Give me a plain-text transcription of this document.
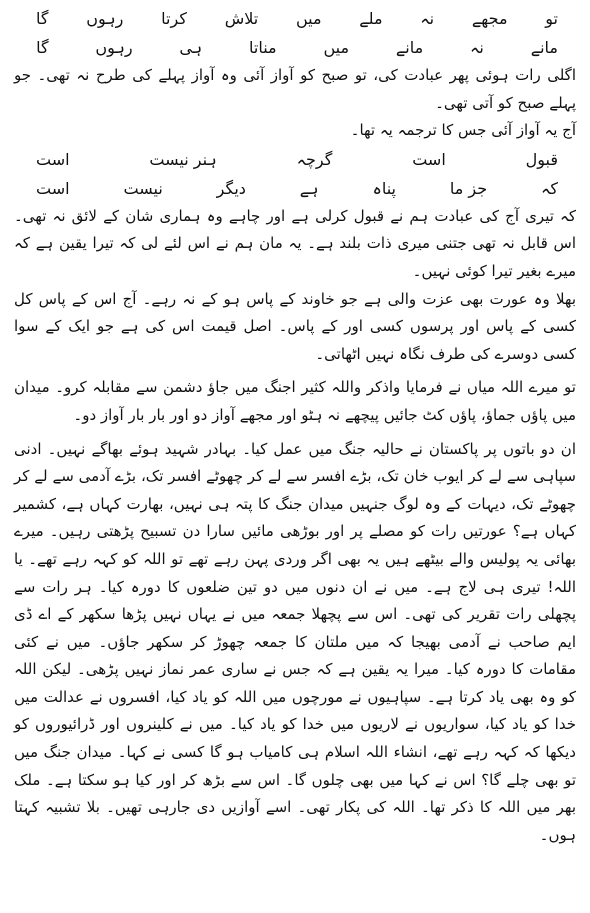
تو
مجھے
نہ
ملے
میں
تلاش
کرتا
رہوں
گا
مانے
نہ
مانے
میں
مناتا
ہی
رہوں
گا

اگلی رات ہوئی پھر عبادت کی، تو صبح کو آواز آئی وہ آواز پہلے کی طرح نہ تھی۔ جو پہلے صبح کو آتی تھی۔

آج یہ آواز آئی جس کا ترجمہ یہ تھا۔

قبول
است
گرچہ
ہنر نیست
است
کہ
جز ما
پناہ
ہے
دیگر
نیست
است

کہ تیری آج کی عبادت ہم نے قبول کرلی ہے اور چاہے وہ ہماری شان کے لائق نہ تھی۔ اس قابل نہ تھی جتنی میری ذات بلند ہے۔ یہ مان ہم نے اس لئے لی کہ تیرا یقین ہے کہ میرے بغیر تیرا کوئی نہیں۔

بھلا وہ عورت بھی عزت والی ہے جو خاوند کے پاس ہو کے نہ رہے۔ آج اس کے پاس کل کسی کے پاس اور پرسوں کسی اور کے پاس۔ اصل قیمت اس کی ہے جو ایک کے سوا کسی دوسرے کی طرف نگاہ نہیں اٹھاتی۔

تو میرے اللہ میاں نے فرمایا واذکر واللہ کثیر اجنگ میں جاؤ دشمن سے مقابلہ کرو۔ میدان میں پاؤں جماؤ، پاؤں کٹ جائیں پیچھے نہ ہٹو اور مجھے آواز دو اور بار بار آواز دو۔

ان دو باتوں پر پاکستان نے حالیہ جنگ میں عمل کیا۔ بہادر شہید ہوئے بھاگے نہیں۔ ادنی سپاہی سے لے کر ایوب خان تک، بڑے افسر سے لے کر چھوٹے افسر تک، بڑے آدمی سے لے کر چھوٹے تک، دیہات کے وہ لوگ جنہیں میدان جنگ کا پتہ ہی نہیں، بھارت کہاں ہے، کشمیر کہاں ہے؟ عورتیں رات کو مصلے پر اور بوڑھی مائیں سارا دن تسبیح پڑھتی رہیں۔ میرے بھائی یہ پولیس والے بیٹھے ہیں یہ بھی اگر وردی پہن رہے تھے تو اللہ کو کہہ رہے تھے۔ یا اللہ! تیری ہی لاج ہے۔ میں نے ان دنوں میں دو تین ضلعوں کا دورہ کیا۔ ہر رات سے پچھلی رات تقریر کی تھی۔ اس سے پچھلا جمعہ میں نے یہاں نہیں پڑھا سکھر کے اے ڈی ایم صاحب نے آدمی بھیجا کہ میں ملتان کا جمعہ چھوڑ کر سکھر جاؤں۔ میں نے کئی مقامات کا دورہ کیا۔ میرا یہ یقین ہے کہ جس نے ساری عمر نماز نہیں پڑھی۔ لیکن اللہ کو وہ بھی یاد کرتا ہے۔ سپاہیوں نے مورچوں میں اللہ کو یاد کیا، افسروں نے عدالت میں خدا کو یاد کیا، سواریوں نے لاریوں میں خدا کو یاد کیا۔ میں نے کلینروں اور ڈرائیوروں کو دیکھا کہ کہہ رہے تھے، انشاء اللہ اسلام ہی کامیاب ہو گا کسی نے کہا۔ میدان جنگ میں تو بھی چلے گا؟ اس نے کہا میں بھی چلوں گا۔ اس سے بڑھ کر اور کیا ہو سکتا ہے۔ ملک بھر میں اللہ کا ذکر تھا۔ اللہ کی پکار تھی۔ اسے آوازیں دی جارہی تھیں۔ بلا تشبیہ کہتا ہوں۔
